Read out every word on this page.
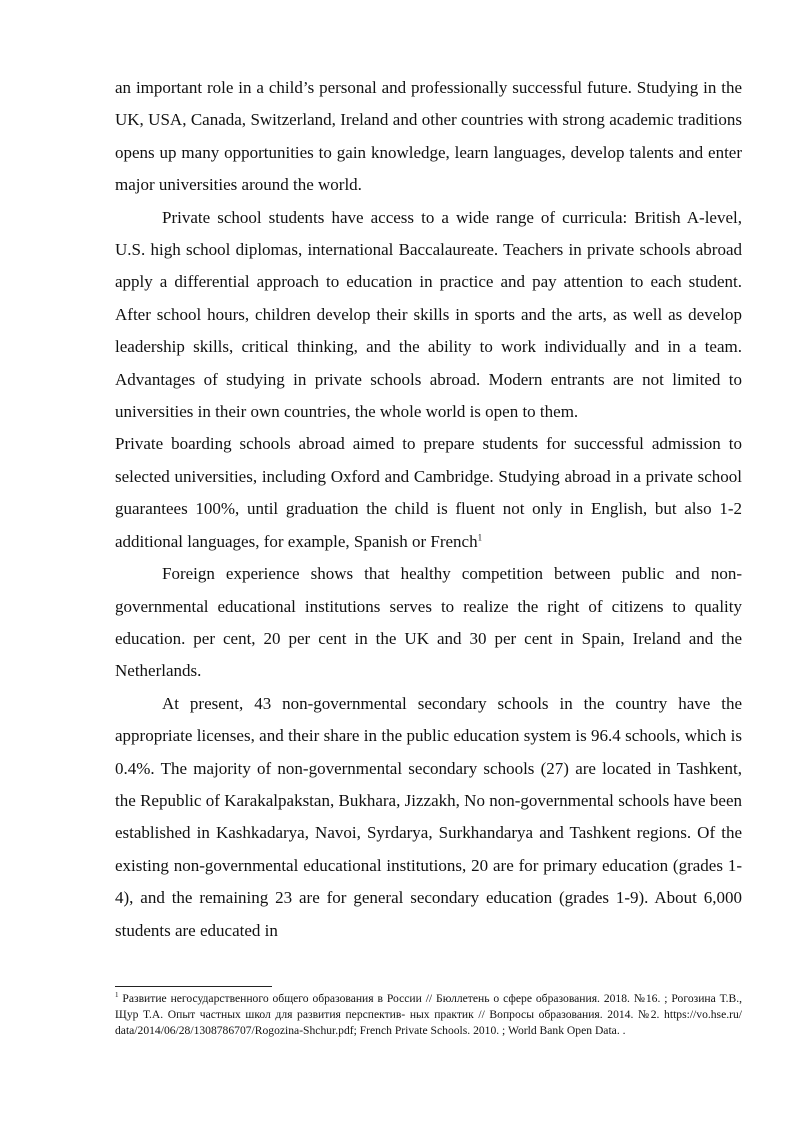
an important role in a child’s personal and professionally successful future. Studying in the UK, USA, Canada, Switzerland, Ireland and other countries with strong academic traditions opens up many opportunities to gain knowledge, learn languages, develop talents and enter major universities around the world.

Private school students have access to a wide range of curricula: British A-level, U.S. high school diplomas, international Baccalaureate. Teachers in private schools abroad apply a differential approach to education in practice and pay attention to each student. After school hours, children develop their skills in sports and the arts, as well as develop leadership skills, critical thinking, and the ability to work individually and in a team. Advantages of studying in private schools abroad. Modern entrants are not limited to universities in their own countries, the whole world is open to them.

Private boarding schools abroad aimed to prepare students for successful admission to selected universities, including Oxford and Cambridge. Studying abroad in a private school guarantees 100%, until graduation the child is fluent not only in English, but also 1-2 additional languages, for example, Spanish or French$^1$

Foreign experience shows that healthy competition between public and non-governmental educational institutions serves to realize the right of citizens to quality education. per cent, 20 per cent in the UK and 30 per cent in Spain, Ireland and the Netherlands.

At present, 43 non-governmental secondary schools in the country have the appropriate licenses, and their share in the public education system is 96.4 schools, which is 0.4%. The majority of non-governmental secondary schools (27) are located in Tashkent, the Republic of Karakalpakstan, Bukhara, Jizzakh, No non-governmental schools have been established in Kashkadarya, Navoi, Syrdarya, Surkhandarya and Tashkent regions. Of the existing non-governmental educational institutions, 20 are for primary education (grades 1-4), and the remaining 23 are for general secondary education (grades 1-9). About 6,000 students are educated in

$^1$ Развитие негосударственного общего образования в России // Бюллетень о сфере образования. 2018. №16. ; Рогозина Т.В., Щур Т.А. Опыт частных школ для развития перспектив- ных практик // Вопросы образования. 2014. №2. https://vo.hse.ru/ data/2014/06/28/1308786707/Rogozina-Shchur.pdf; French Private Schools. 2010. ; World Bank Open Data. .
